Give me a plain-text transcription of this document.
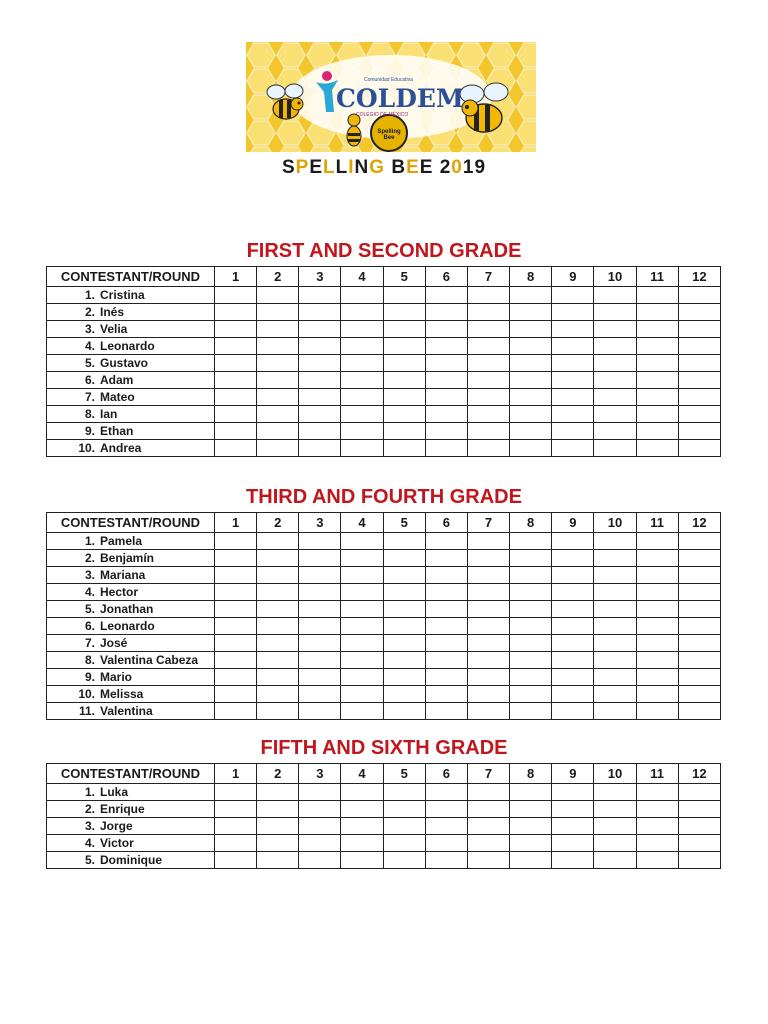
Spelling Bee
Comunidad Educativa
COLDEM
COLEGIO DE MÉXICO
SPELLING BEE 2019
FIRST AND SECOND GRADE
CONTESTANT/ROUND	1	2	3	4	5	6	7	8	9	10	11	12
1. Cristina												
2. Inés												
3. Velia												
4. Leonardo												
5. Gustavo												
6. Adam												
7. Mateo												
8. Ian												
9. Ethan												
10. Andrea												
THIRD AND FOURTH GRADE
CONTESTANT/ROUND	1	2	3	4	5	6	7	8	9	10	11	12
1. Pamela												
2. Benjamín												
3. Mariana												
4. Hector												
5. Jonathan												
6. Leonardo												
7. José												
8. Valentina Cabeza												
9. Mario												
10. Melissa												
11. Valentina												
FIFTH AND SIXTH GRADE
CONTESTANT/ROUND	1	2	3	4	5	6	7	8	9	10	11	12
1. Luka												
2. Enrique												
3. Jorge												
4. Victor												
5. Dominique												
